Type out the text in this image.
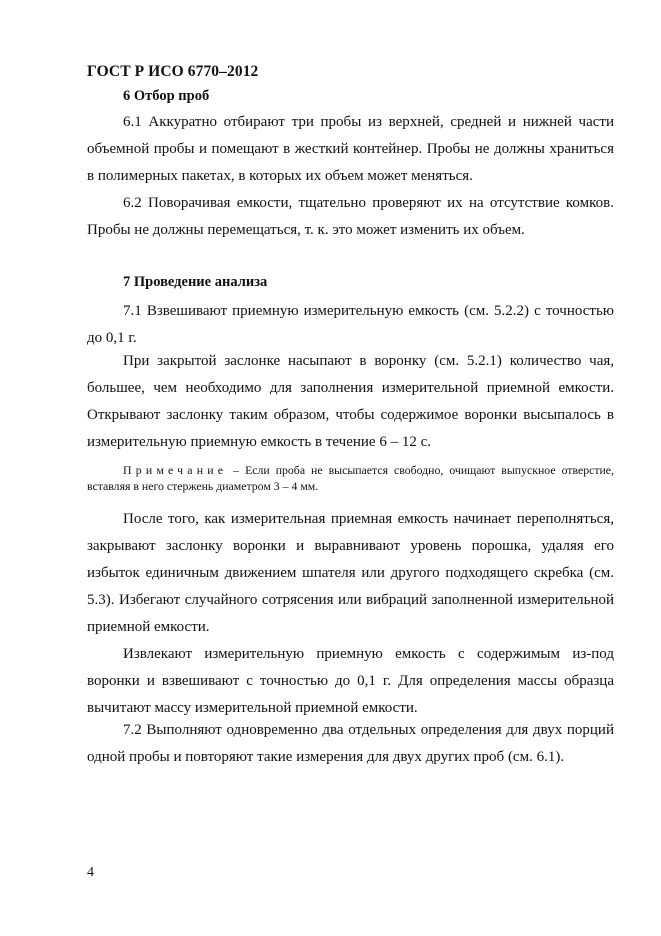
ГОСТ Р ИСО 6770–2012
6 Отбор проб

6.1 Аккуратно отбирают три пробы из верхней, средней и нижней части объемной пробы и помещают в жесткий контейнер. Пробы не должны храниться в полимерных пакетах, в которых их объем может меняться.

6.2 Поворачивая емкости, тщательно проверяют их на отсутствие комков. Пробы не должны перемещаться, т. к. это может изменить их объем.

7 Проведение анализа

7.1 Взвешивают приемную измерительную емкость (см. 5.2.2) с точностью до 0,1 г.

При закрытой заслонке насыпают в воронку (см. 5.2.1) количество чая, большее, чем необходимо для заполнения измерительной приемной емкости. Открывают заслонку таким образом, чтобы содержимое воронки высыпалось в измерительную приемную емкость в течение 6 – 12 с.

Примечание – Если проба не высыпается свободно, очищают выпускное отверстие, вставляя в него стержень диаметром 3 – 4 мм.

После того, как измерительная приемная емкость начинает переполняться, закрывают заслонку воронки и выравнивают уровень порошка, удаляя его избыток единичным движением шпателя или другого подходящего скребка (см. 5.3). Избегают случайного сотрясения или вибраций заполненной измерительной приемной емкости.

Извлекают измерительную приемную емкость с содержимым из-под воронки и взвешивают с точностью до 0,1 г. Для определения массы образца вычитают массу измерительной приемной емкости.

7.2 Выполняют одновременно два отдельных определения для двух порций одной пробы и повторяют такие измерения для двух других проб (см. 6.1).

4
